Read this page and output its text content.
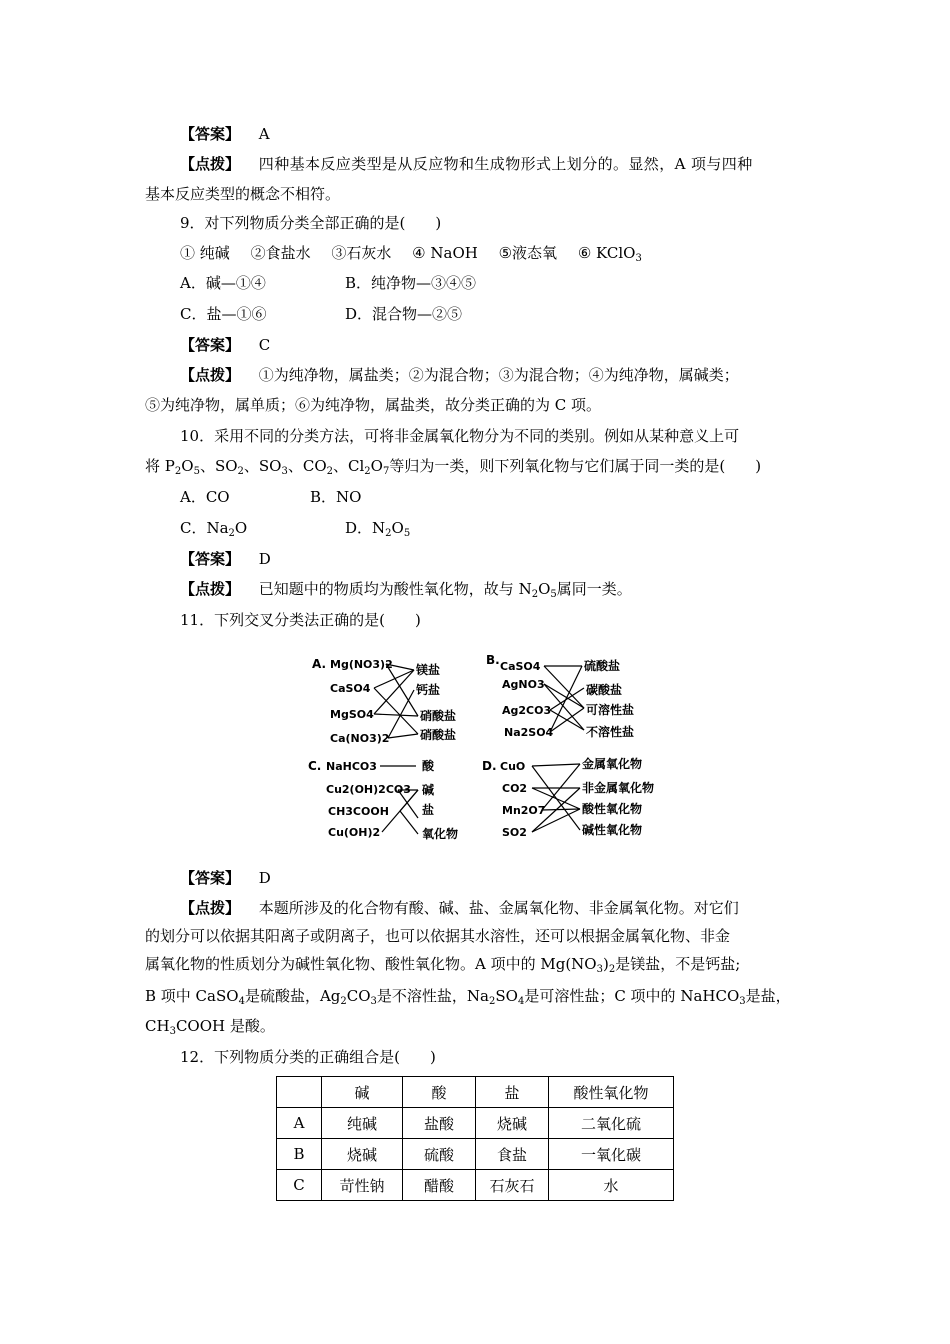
【答案】 A
【点拨】 四种基本反应类型是从反应物和生成物形式上划分的。显然，A 项与四种
基本反应类型的概念不相符。
9．对下列物质分类全部正确的是(　　)
① 纯碱 ②食盐水 ③石灰水 ④ NaOH ⑤液态氧 ⑥ KClO$_3$
A．碱—①④	B．纯净物—③④⑤
C．盐—①⑥	D．混合物—②⑤
【答案】 C
【点拨】 ①为纯净物，属盐类；②为混合物；③为混合物；④为纯净物，属碱类；
⑤为纯净物，属单质；⑥为纯净物，属盐类，故分类正确的为 C 项。
10．采用不同的分类方法，可将非金属氧化物分为不同的类别。例如从某种意义上可
将 $P_2O_5$、$SO_2$、$SO_3$、$CO_2$、$Cl_2O_7$等归为一类，则下列氧化物与它们属于同一类的是(　　)
A．CO	B．NO
C．$Na_2O$	D．$N_2O_5$
【答案】 D
【点拨】 已知题中的物质均为酸性氧化物，故与 $N_2O_5$属同一类。
11．下列交叉分类法正确的是(　　)
A. Mg(NO3)2
CaSO4
MgSO4
Ca(NO3)2
镁盐
钙盐
硝酸盐
硝酸盐
B. CaSO4
AgNO3
Ag2CO3
Na2SO4
硫酸盐
碳酸盐
可溶性盐
不溶性盐
C. NaHCO3
Cu2(OH)2CO3
CH3COOH
Cu(OH)2
酸
碱
盐
氧化物
D. CuO
CO2
Mn2O7
SO2
金属氧化物
非金属氧化物
酸性氧化物
碱性氧化物
【答案】 D
【点拨】 本题所涉及的化合物有酸、碱、盐、金属氧化物、非金属氧化物。对它们
的划分可以依据其阳离子或阴离子，也可以依据其水溶性，还可以根据金属氧化物、非金
属氧化物的性质划分为碱性氧化物、酸性氧化物。A 项中的 $Mg(NO_3)_2$是镁盐，不是钙盐;
B 项中 CaSO$_4$是硫酸盐，$Ag_2CO_3$是不溶性盐，$Na_2SO_4$是可溶性盐；C 项中的 NaHCO$_3$是盐，
$CH_3COOH$ 是酸。
12．下列物质分类的正确组合是(　　)
	碱	酸	盐	酸性氧化物
A	纯碱	盐酸	烧碱	二氧化硫
B	烧碱	硫酸	食盐	一氧化碳
C	苛性钠	醋酸	石灰石	水
